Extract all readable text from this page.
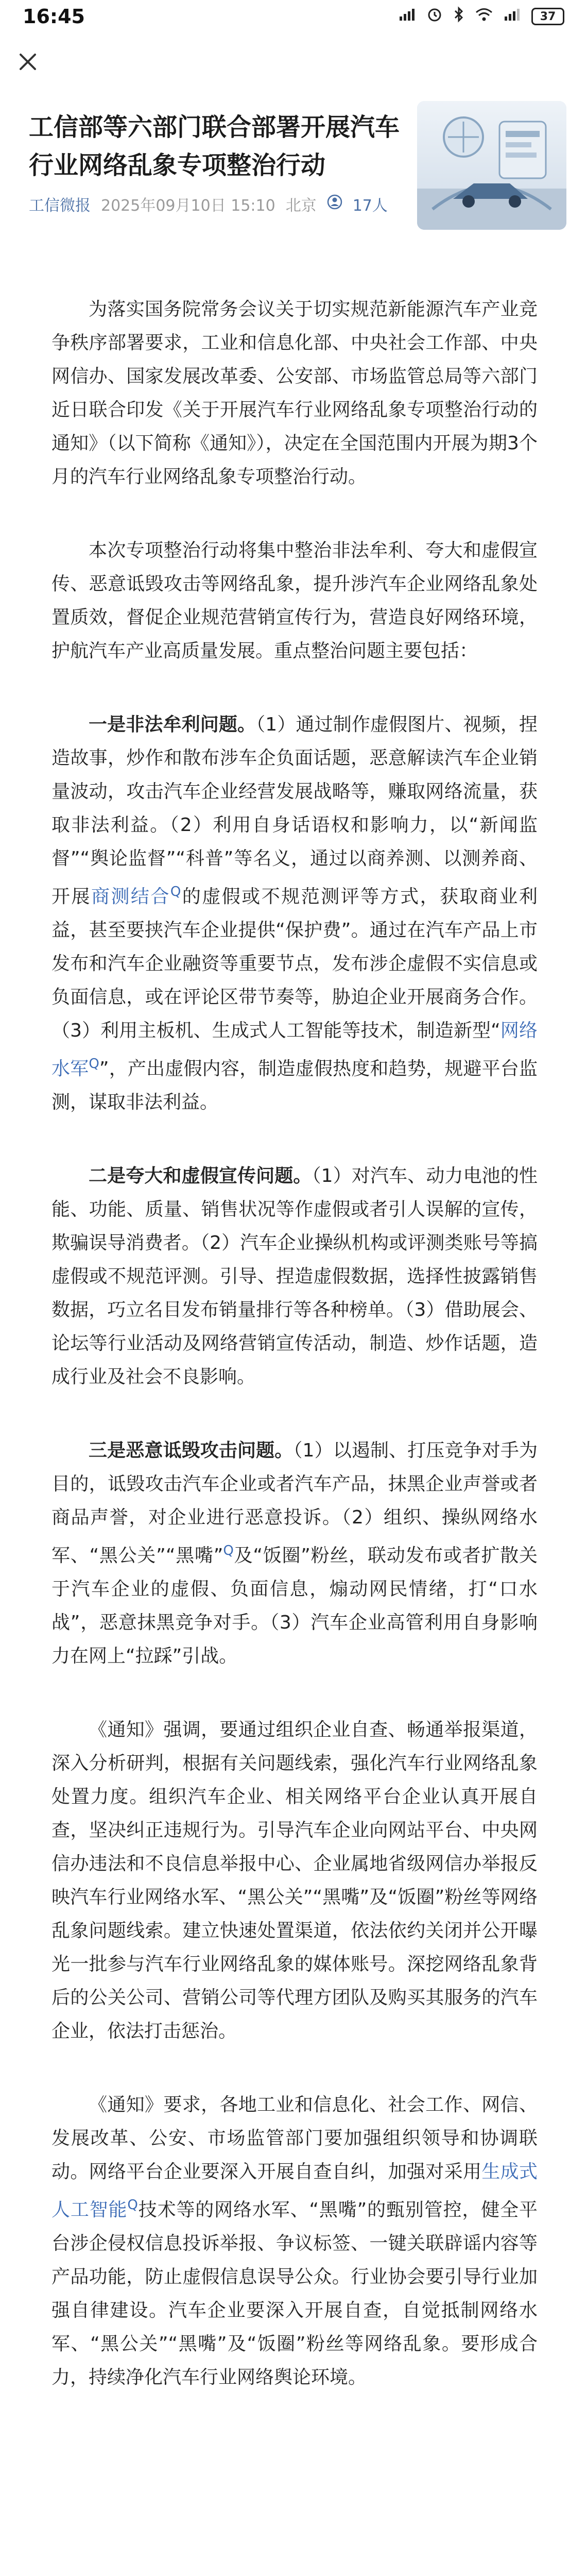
16:45	37
工信部等六部门联合部署开展汽车行业网络乱象专项整治行动
工信微报 2025年09月10日 15:10 北京 17人

为落实国务院常务会议关于切实规范新能源汽车产业竞争秩序部署要求，工业和信息化部、中央社会工作部、中央网信办、国家发展改革委、公安部、市场监管总局等六部门近日联合印发《关于开展汽车行业网络乱象专项整治行动的通知》（以下简称《通知》），决定在全国范围内开展为期3个月的汽车行业网络乱象专项整治行动。

本次专项整治行动将集中整治非法牟利、夸大和虚假宣传、恶意诋毁攻击等网络乱象，提升涉汽车企业网络乱象处置质效，督促企业规范营销宣传行为，营造良好网络环境，护航汽车产业高质量发展。重点整治问题主要包括：

一是非法牟利问题。（1）通过制作虚假图片、视频，捏造故事，炒作和散布涉车企负面话题，恶意解读汽车企业销量波动，攻击汽车企业经营发展战略等，赚取网络流量，获取非法利益。（2）利用自身话语权和影响力，以“新闻监督”“舆论监督”“科普”等名义，通过以商养测、以测养商、开展商测结合$^Q$的虚假或不规范测评等方式，获取商业利益，甚至要挟汽车企业提供“保护费”。通过在汽车产品上市发布和汽车企业融资等重要节点，发布涉企虚假不实信息或负面信息，或在评论区带节奏等，胁迫企业开展商务合作。（3）利用主板机、生成式人工智能等技术，制造新型“网络水军$^Q$”，产出虚假内容，制造虚假热度和趋势，规避平台监测，谋取非法利益。

二是夸大和虚假宣传问题。（1）对汽车、动力电池的性能、功能、质量、销售状况等作虚假或者引人误解的宣传，欺骗误导消费者。（2）汽车企业操纵机构或评测类账号等搞虚假或不规范评测。引导、捏造虚假数据，选择性披露销售数据，巧立名目发布销量排行等各种榜单。（3）借助展会、论坛等行业活动及网络营销宣传活动，制造、炒作话题，造成行业及社会不良影响。

三是恶意诋毁攻击问题。（1）以遏制、打压竞争对手为目的，诋毁攻击汽车企业或者汽车产品，抹黑企业声誉或者商品声誉，对企业进行恶意投诉。（2）组织、操纵网络水军、“黑公关”“黑嘴”$^Q$及“饭圈”粉丝，联动发布或者扩散关于汽车企业的虚假、负面信息，煽动网民情绪，打“口水战”，恶意抹黑竞争对手。（3）汽车企业高管利用自身影响力在网上“拉踩”引战。

《通知》强调，要通过组织企业自查、畅通举报渠道，深入分析研判，根据有关问题线索，强化汽车行业网络乱象处置力度。组织汽车企业、相关网络平台企业认真开展自查，坚决纠正违规行为。引导汽车企业向网站平台、中央网信办违法和不良信息举报中心、企业属地省级网信办举报反映汽车行业网络水军、“黑公关”“黑嘴”及“饭圈”粉丝等网络乱象问题线索。建立快速处置渠道，依法依约关闭并公开曝光一批参与汽车行业网络乱象的媒体账号。深挖网络乱象背后的公关公司、营销公司等代理方团队及购买其服务的汽车企业，依法打击惩治。

《通知》要求，各地工业和信息化、社会工作、网信、发展改革、公安、市场监管部门要加强组织领导和协调联动。网络平台企业要深入开展自查自纠，加强对采用生成式人工智能$^Q$技术等的网络水军、“黑嘴”的甄别管控，健全平台涉企侵权信息投诉举报、争议标签、一键关联辟谣内容等产品功能，防止虚假信息误导公众。行业协会要引导行业加强自律建设。汽车企业要深入开展自查，自觉抵制网络水军、“黑公关”“黑嘴”及“饭圈”粉丝等网络乱象。要形成合力，持续净化汽车行业网络舆论环境。
